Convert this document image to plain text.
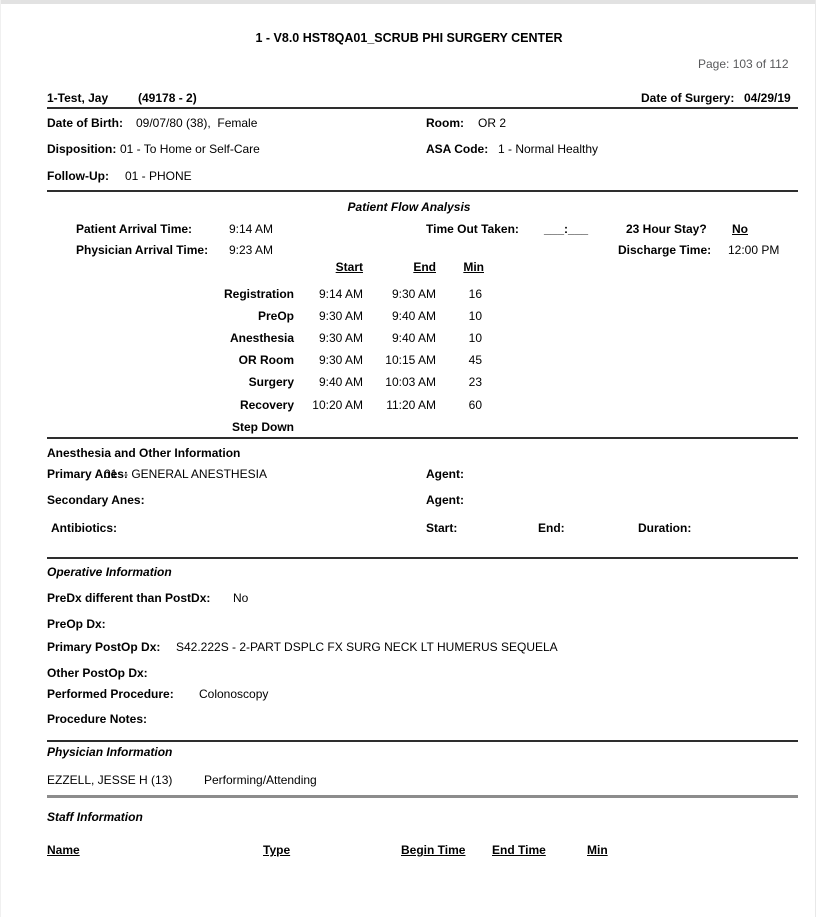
1 - V8.0 HST8QA01_SCRUB PHI SURGERY CENTER
Page: 103 of 112
1-Test, Jay (49178 - 2)	Date of Surgery: 04/29/19
Date of Birth: 09/07/80 (38),  Female	Room: OR 2
Disposition: 01 - To Home or Self-Care	ASA Code: 1 - Normal Healthy
Follow-Up: 01 - PHONE
Patient Flow Analysis
Patient Arrival Time:	9:14 AM	Time Out Taken: ___:___	23 Hour Stay? No
Physician Arrival Time: 9:23 AM	Discharge Time: 12:00 PM
Start	End	Min
Registration	9:14 AM	9:30 AM	16
PreOp	9:30 AM	9:40 AM	10
Anesthesia	9:30 AM	9:40 AM	10
OR Room	9:30 AM	10:15 AM	45
Surgery	9:40 AM	10:03 AM	23
Recovery	10:20 AM	11:20 AM	60
Step Down
Anesthesia and Other Information
Primary Anes:
01  - GENERAL ANESTHESIA	Agent:
Secondary Anes:	Agent:
Antibiotics:	Start:	End:	Duration:
Operative Information
PreDx different than PostDx: No
PreOp Dx:
Primary PostOp Dx: S42.222S - 2-PART DSPLC FX SURG NECK LT HUMERUS SEQUELA
Other PostOp Dx:
Performed Procedure: Colonoscopy
Procedure Notes:
Physician Information
EZZELL, JESSE H (13)	Performing/Attending
Staff Information
Name	Type	Begin Time End Time	Min
